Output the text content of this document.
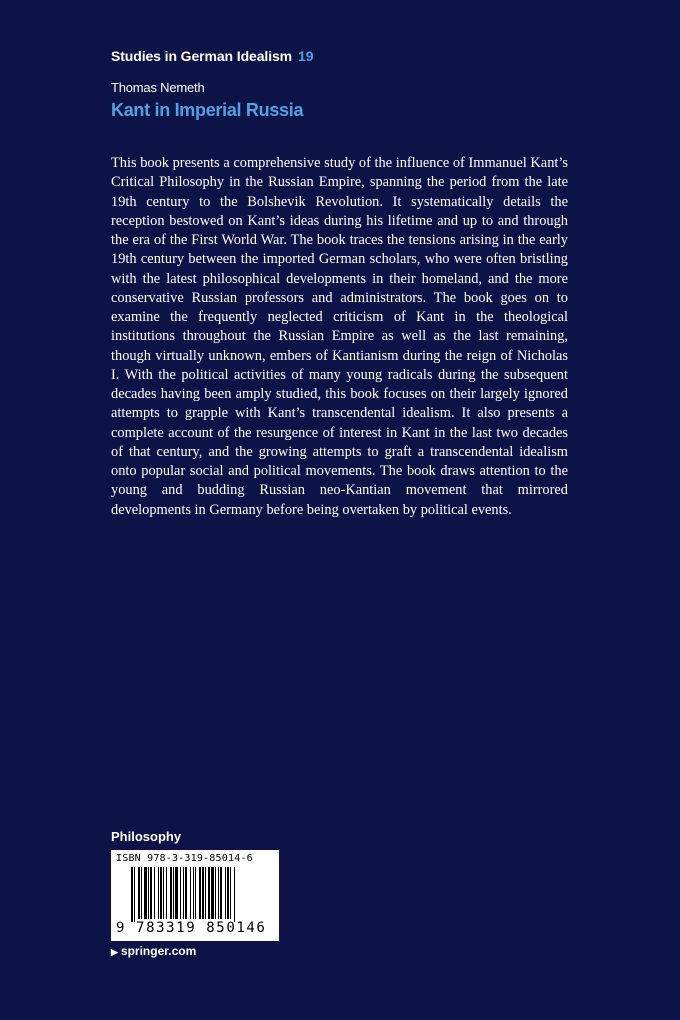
Studies in German Idealism 19
Thomas Nemeth
Kant in Imperial Russia
This book presents a comprehensive study of the influence of Immanuel Kant’s Critical Philosophy in the Russian Empire, spanning the period from the late 19th century to the Bolshevik Revolution. It systematically details the reception bestowed on Kant’s ideas during his lifetime and up to and through the era of the First World War. The book traces the tensions arising in the early 19th century between the imported German scholars, who were often bristling with the latest philosophical developments in their homeland, and the more conservative Russian professors and administrators. The book goes on to examine the frequently neglected criticism of Kant in the theological institutions throughout the Russian Empire as well as the last remaining, though virtually unknown, embers of Kantianism during the reign of Nicholas I. With the political activities of many young radicals during the subsequent decades having been amply studied, this book focuses on their largely ignored attempts to grapple with Kant’s transcendental idealism. It also presents a complete account of the resurgence of interest in Kant in the last two decades of that century, and the growing attempts to graft a transcendental idealism onto popular social and political movements. The book draws attention to the young and budding Russian neo-Kantian movement that mirrored developments in Germany before being overtaken by political events.
Philosophy
ISBN 978-3-319-85014-6
9 783319 850146
▶ springer.com
